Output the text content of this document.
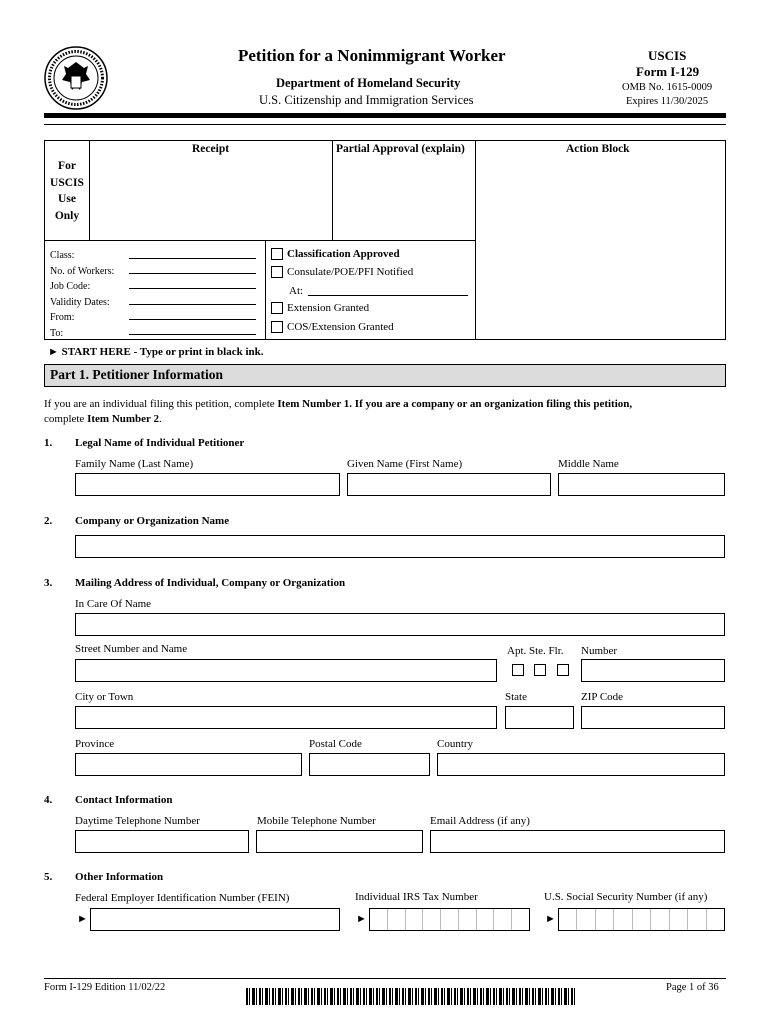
Petition for a Nonimmigrant Worker
Department of Homeland Security
U.S. Citizenship and Immigration Services
USCIS
Form I-129
OMB No. 1615-0009
Expires 11/30/2025
For
USCIS
Use
Only
Receipt	Partial Approval (explain)	Action Block
Class:
No. of Workers:
Job Code:
Validity Dates:
From:
To:
Classification Approved
Consulate/POE/PFI Notified
At:
Extension Granted
COS/Extension Granted
► START HERE - Type or print in black ink.
Part 1. Petitioner Information
If you are an individual filing this petition, complete Item Number 1. If you are a company or an organization filing this petition,
complete Item Number 2.
1. Legal Name of Individual Petitioner
Family Name (Last Name)	Given Name (First Name)	Middle Name
2. Company or Organization Name
3. Mailing Address of Individual, Company or Organization
In Care Of Name
Street Number and Name	Apt. Ste. Flr. Number
City or Town	State	ZIP Code
Province	Postal Code	Country
4. Contact Information
Daytime Telephone Number	Mobile Telephone Number	Email Address (if any)
5. Other Information
Federal Employer Identification Number (FEIN)	Individual IRS Tax Number	U.S. Social Security Number (if any)
►	►	►
Form I-129 Edition 11/02/22	Page 1 of 36
